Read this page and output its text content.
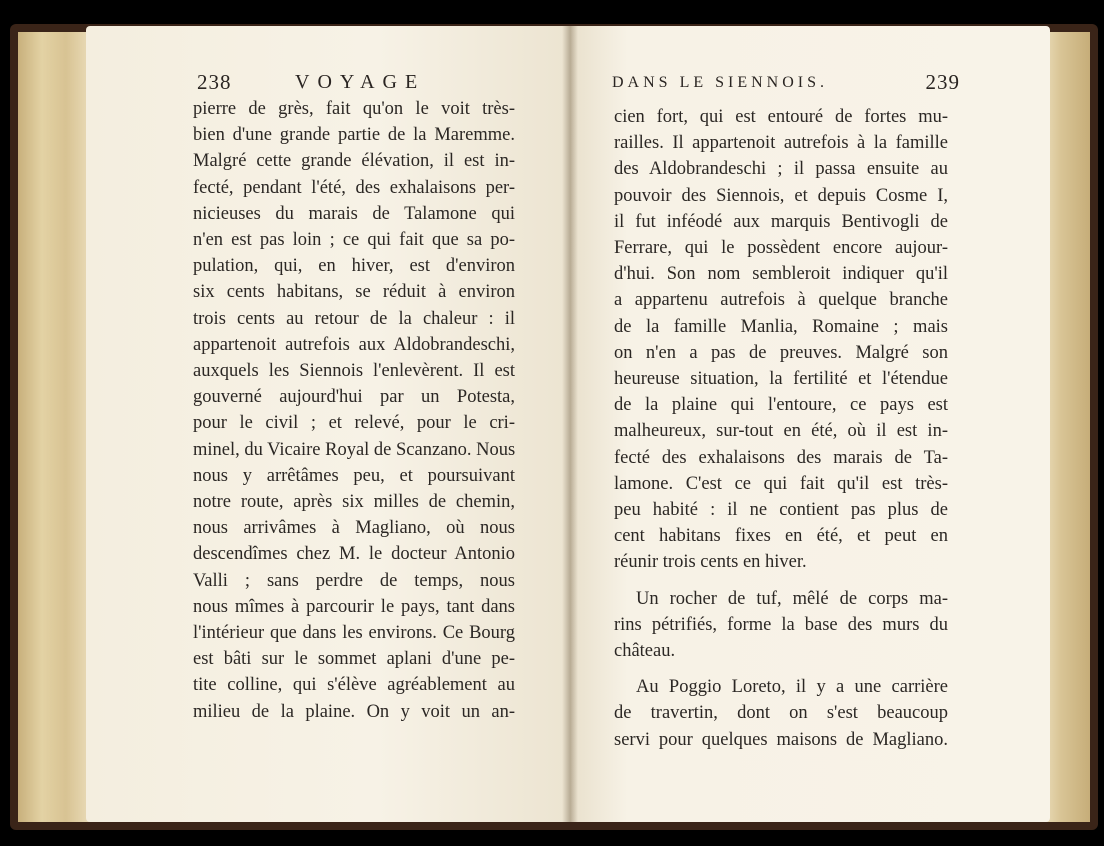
238	VOYAGE	DANS LE SIENNOIS.	239
pierre de grès, fait qu'on le voit très-
bien d'une grande partie de la Maremme.
Malgré cette grande élévation, il est in-
fecté, pendant l'été, des exhalaisons per-
nicieuses du marais de Talamone qui
n'en est pas loin ; ce qui fait que sa po-
pulation, qui, en hiver, est d'environ
six cents habitans, se réduit à environ
trois cents au retour de la chaleur : il
appartenoit autrefois aux Aldobrandeschi,
auxquels les Siennois l'enlevèrent. Il est
gouverné aujourd'hui par un Potesta,
pour le civil ; et relevé, pour le cri-
minel, du Vicaire Royal de Scanzano. Nous
nous y arrêtâmes peu, et poursuivant
notre route, après six milles de chemin,
nous arrivâmes à Magliano, où nous
descendîmes chez M. le docteur Antonio
Valli ; sans perdre de temps, nous
nous mîmes à parcourir le pays, tant dans
l'intérieur que dans les environs. Ce Bourg
est bâti sur le sommet aplani d'une pe-
tite colline, qui s'élève agréablement au
milieu de la plaine. On y voit un an-
cien fort, qui est entouré de fortes mu-
railles. Il appartenoit autrefois à la famille
des Aldobrandeschi ; il passa ensuite au
pouvoir des Siennois, et depuis Cosme I,
il fut inféodé aux marquis Bentivogli de
Ferrare, qui le possèdent encore aujour-
d'hui. Son nom sembleroit indiquer qu'il
a appartenu autrefois à quelque branche
de la famille Manlia, Romaine ; mais
on n'en a pas de preuves. Malgré son
heureuse situation, la fertilité et l'étendue
de la plaine qui l'entoure, ce pays est
malheureux, sur-tout en été, où il est in-
fecté des exhalaisons des marais de Ta-
lamone. C'est ce qui fait qu'il est très-
peu habité : il ne contient pas plus de
cent habitans fixes en été, et peut en
réunir trois cents en hiver.
Un rocher de tuf, mêlé de corps ma-
rins pétrifiés, forme la base des murs du
château.
Au Poggio Loreto, il y a une carrière
de travertin, dont on s'est beaucoup
servi pour quelques maisons de Magliano.
